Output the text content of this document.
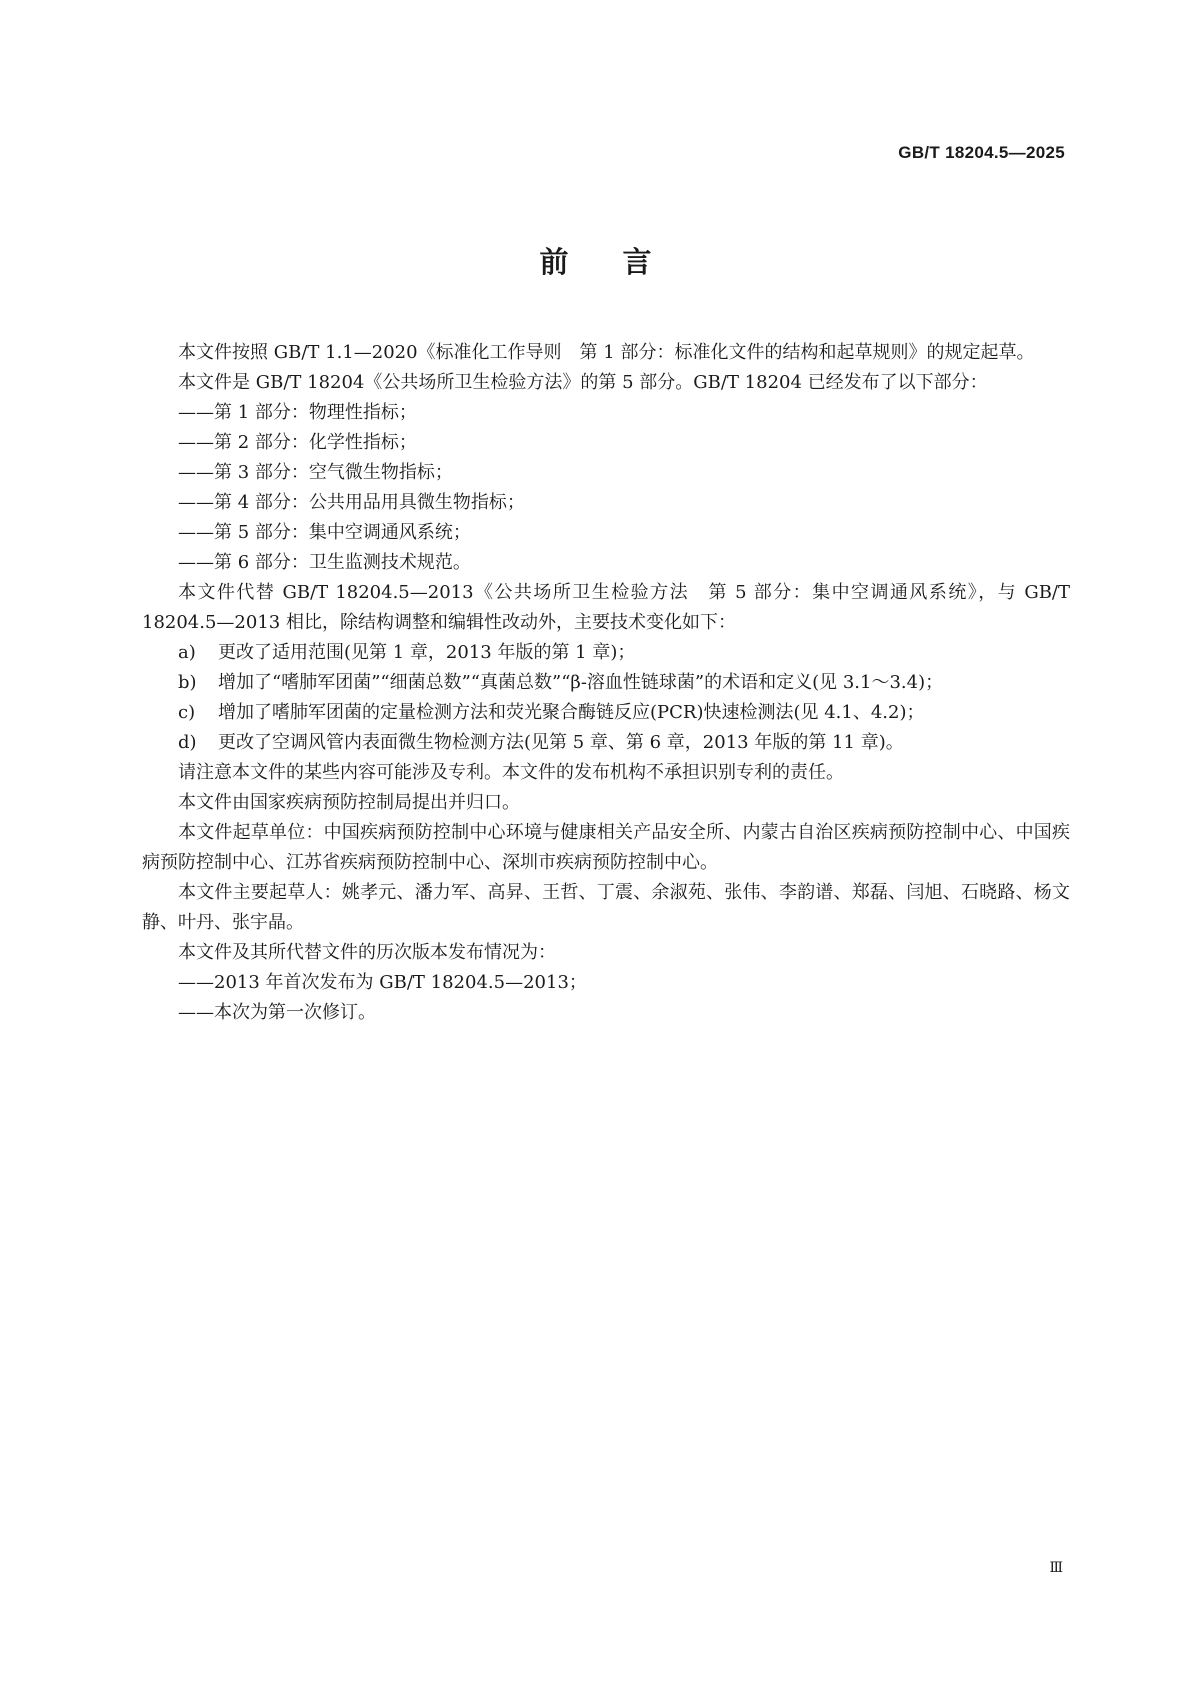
GB/T 18204.5—2025
前 言

本文件按照 GB/T 1.1—2020《标准化工作导则　第 1 部分：标准化文件的结构和起草规则》的规定起草。

本文件是 GB/T 18204《公共场所卫生检验方法》的第 5 部分。GB/T 18204 已经发布了以下部分：

——第 1 部分：物理性指标；

——第 2 部分：化学性指标；

——第 3 部分：空气微生物指标；

——第 4 部分：公共用品用具微生物指标；

——第 5 部分：集中空调通风系统；

——第 6 部分：卫生监测技术规范。

本文件代替 GB/T 18204.5—2013《公共场所卫生检验方法　第 5 部分：集中空调通风系统》，与 GB/T 18204.5—2013 相比，除结构调整和编辑性改动外，主要技术变化如下：

a) 更改了适用范围(见第 1 章，2013 年版的第 1 章)；

b) 增加了“嗜肺军团菌”“细菌总数”“真菌总数”“β-溶血性链球菌”的术语和定义(见 3.1～3.4)；

c) 增加了嗜肺军团菌的定量检测方法和荧光聚合酶链反应(PCR)快速检测法(见 4.1、4.2)；

d) 更改了空调风管内表面微生物检测方法(见第 5 章、第 6 章，2013 年版的第 11 章)。

请注意本文件的某些内容可能涉及专利。本文件的发布机构不承担识别专利的责任。

本文件由国家疾病预防控制局提出并归口。

本文件起草单位：中国疾病预防控制中心环境与健康相关产品安全所、内蒙古自治区疾病预防控制中心、中国疾病预防控制中心、江苏省疾病预防控制中心、深圳市疾病预防控制中心。

本文件主要起草人：姚孝元、潘力军、高昇、王哲、丁震、余淑苑、张伟、李韵谱、郑磊、闫旭、石晓路、杨文静、叶丹、张宇晶。

本文件及其所代替文件的历次版本发布情况为：

——2013 年首次发布为 GB/T 18204.5—2013；

——本次为第一次修订。

Ⅲ
